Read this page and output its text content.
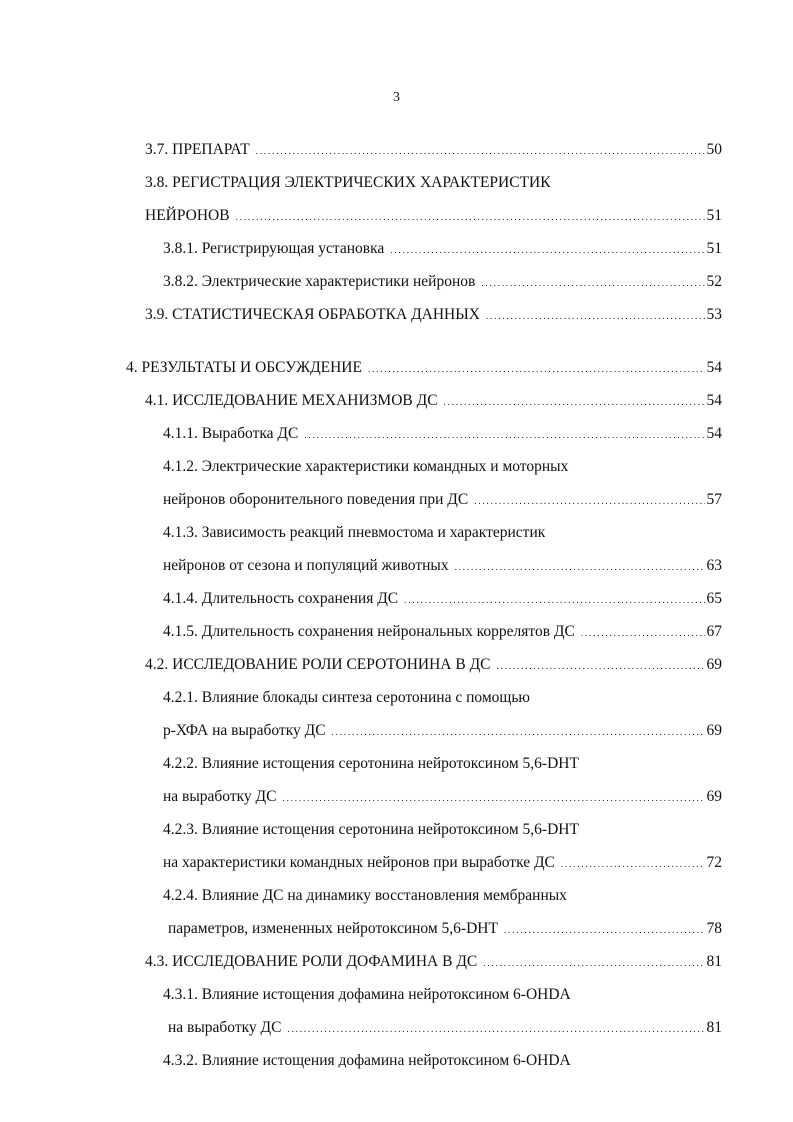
3
3.7. ПРЕПАРАТ . . .	50
3.8. РЕГИСТРАЦИЯ ЭЛЕКТРИЧЕСКИХ ХАРАКТЕРИСТИК
НЕЙРОНОВ . . .	51
3.8.1. Регистрирующая установка . . .	51
3.8.2. Электрические характеристики нейронов . . .	52
3.9. СТАТИСТИЧЕСКАЯ ОБРАБОТКА ДАННЫХ . . .	53
4. РЕЗУЛЬТАТЫ И ОБСУЖДЕНИЕ . . .	54
4.1. ИССЛЕДОВАНИЕ МЕХАНИЗМОВ ДС . . .	54
4.1.1. Выработка ДС . . .	54
4.1.2. Электрические характеристики командных и моторных
нейронов оборонительного поведения при ДС . . .	57
4.1.3. Зависимость реакций пневмостома и характеристик
нейронов от сезона и популяций животных . . .	63
4.1.4. Длительность сохранения ДС . . .	65
4.1.5. Длительность сохранения нейрональных коррелятов ДС . . .	67
4.2. ИССЛЕДОВАНИЕ РОЛИ СЕРОТОНИНА В ДС . . .	69
4.2.1. Влияние блокады синтеза серотонина с помощью
р-ХФА на выработку ДС . . .	69
4.2.2. Влияние истощения серотонина нейротоксином 5,6-DHT
на выработку ДС . . .	69
4.2.3. Влияние истощения серотонина нейротоксином 5,6-DHT
на характеристики командных нейронов при выработке ДС . . .	72
4.2.4. Влияние ДС на динамику восстановления мембранных
параметров, измененных нейротоксином 5,6-DHT . . .	78
4.3. ИССЛЕДОВАНИЕ РОЛИ ДОФАМИНА В ДС . . .	81
4.3.1. Влияние истощения дофамина нейротоксином 6-OHDA
на выработку ДС . . .	81
4.3.2. Влияние истощения дофамина нейротоксином 6-OHDA
